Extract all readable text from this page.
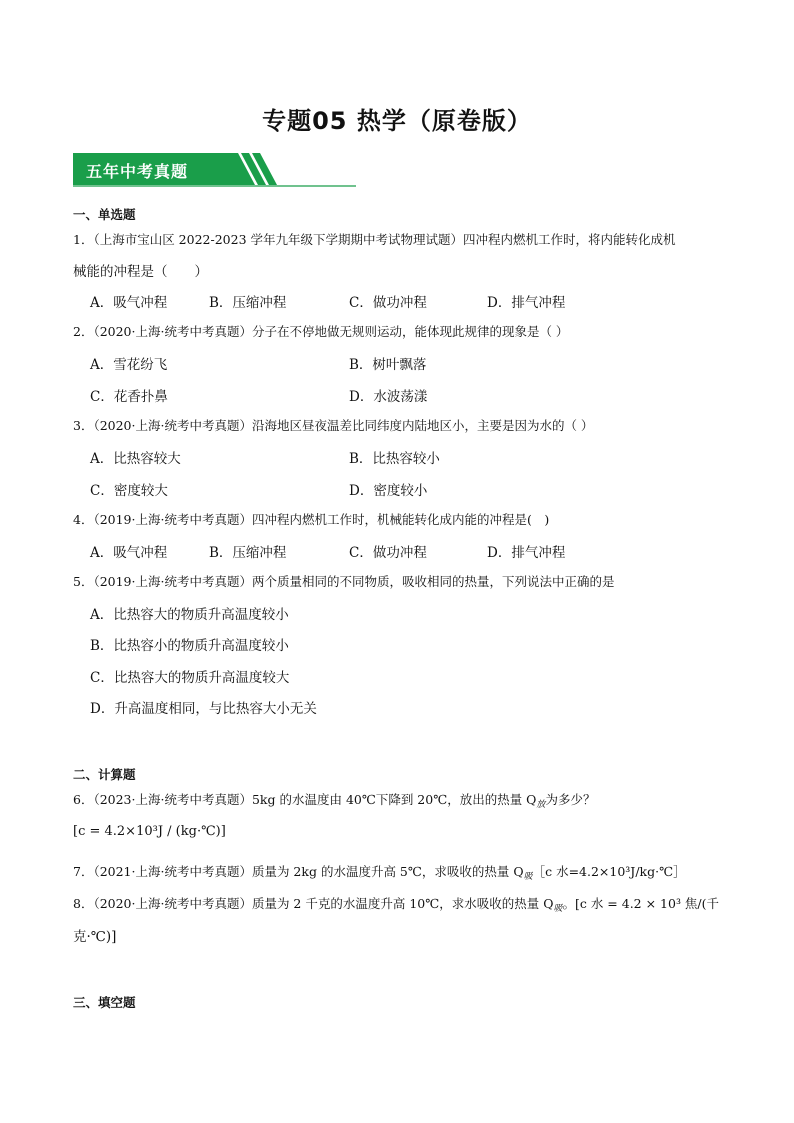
专题05 热学（原卷版）
五年中考真题
一、单选题
1．（上海市宝山区 2022-2023 学年九年级下学期期中考试物理试题）四冲程内燃机工作时，将内能转化成机
械能的冲程是（　　）
A．吸气冲程	B．压缩冲程	C．做功冲程	D．排气冲程
2．（2020·上海·统考中考真题）分子在不停地做无规则运动，能体现此规律的现象是（ ）
A．雪花纷飞	B．树叶飘落
C．花香扑鼻	D．水波荡漾
3．（2020·上海·统考中考真题）沿海地区昼夜温差比同纬度内陆地区小，主要是因为水的（ ）
A．比热容较大	B．比热容较小
C．密度较大	D．密度较小
4．（2019·上海·统考中考真题）四冲程内燃机工作时，机械能转化成内能的冲程是(　)
A．吸气冲程	B．压缩冲程	C．做功冲程	D．排气冲程
5．（2019·上海·统考中考真题）两个质量相同的不同物质，吸收相同的热量，下列说法中正确的是
A．比热容大的物质升高温度较小
B．比热容小的物质升高温度较小
C．比热容大的物质升高温度较大
D．升高温度相同，与比热容大小无关
二、计算题
6．（2023·上海·统考中考真题）5kg 的水温度由 40℃下降到 20℃，放出的热量 $Q_放$为多少？
[c = 4.2×10³J / (kg·℃)]
7．（2021·上海·统考中考真题）质量为 2kg 的水温度升高 5℃，求吸收的热量 $Q_吸[c$ 水=4.2×10³J/kg·℃］
8．（2020·上海·统考中考真题）质量为 2 千克的水温度升高 10℃，求水吸收的热量 $Q_吸$。[c 水 = 4.2 × 10³ 焦/(千
克·℃)]
三、填空题
